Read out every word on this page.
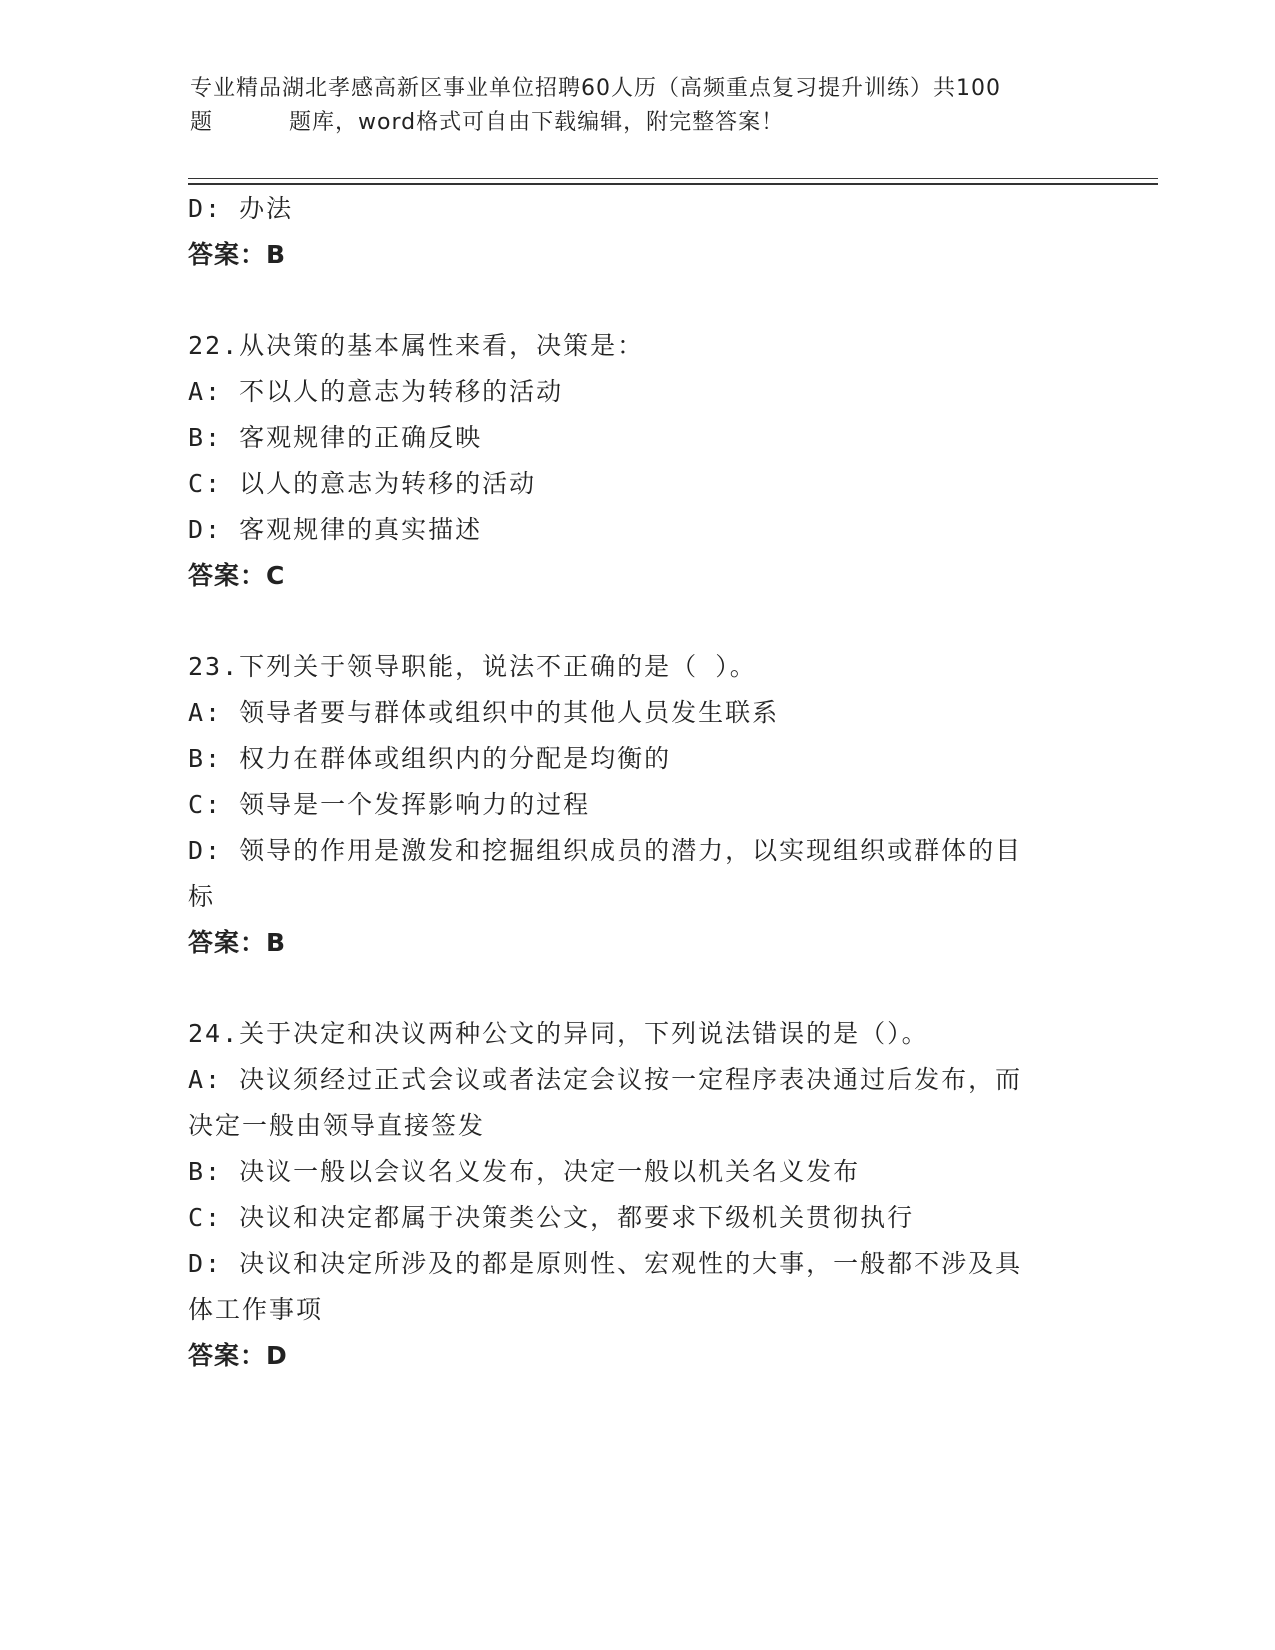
专业精品湖北孝感高新区事业单位招聘60人历（高频重点复习提升训练）共100
题	题库，word格式可自由下载编辑，附完整答案！
D: 办法
答案：B
22.从决策的基本属性来看，决策是：
A: 不以人的意志为转移的活动
B: 客观规律的正确反映
C: 以人的意志为转移的活动
D: 客观规律的真实描述
答案：C
23.下列关于领导职能，说法不正确的是（ ）。
A: 领导者要与群体或组织中的其他人员发生联系
B: 权力在群体或组织内的分配是均衡的
C: 领导是一个发挥影响力的过程
D: 领导的作用是激发和挖掘组织成员的潜力，以实现组织或群体的目
标
答案：B
24.关于决定和决议两种公文的异同，下列说法错误的是（）。
A: 决议须经过正式会议或者法定会议按一定程序表决通过后发布，而
决定一般由领导直接签发
B: 决议一般以会议名义发布，决定一般以机关名义发布
C: 决议和决定都属于决策类公文，都要求下级机关贯彻执行
D: 决议和决定所涉及的都是原则性、宏观性的大事，一般都不涉及具
体工作事项
答案：D
